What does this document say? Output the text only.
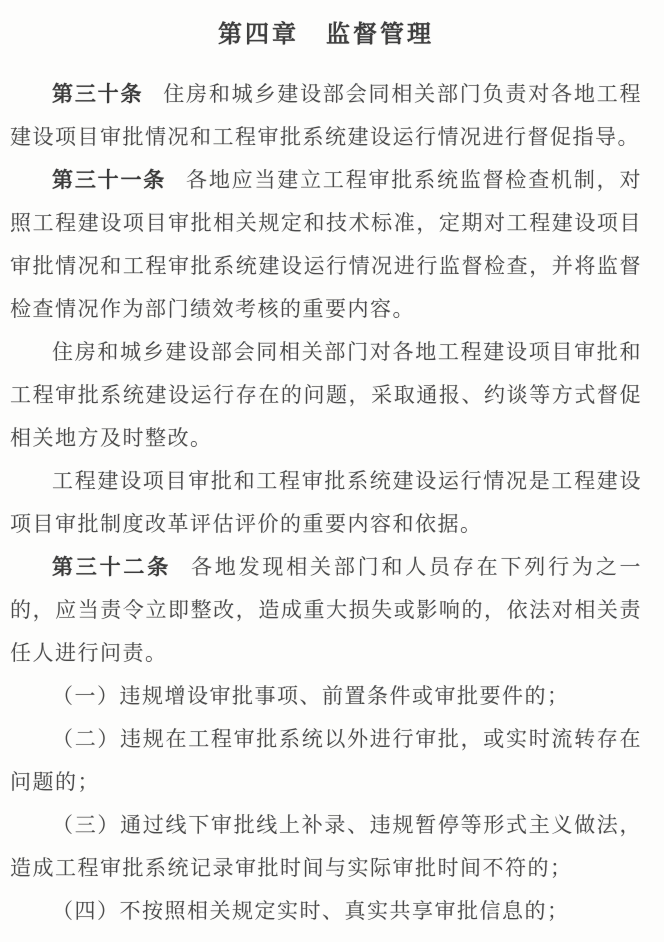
第四章　监督管理

第三十条 住房和城乡建设部会同相关部门负责对各地工程建设项目审批情况和工程审批系统建设运行情况进行督促指导。

第三十一条 各地应当建立工程审批系统监督检查机制，对照工程建设项目审批相关规定和技术标准，定期对工程建设项目审批情况和工程审批系统建设运行情况进行监督检查，并将监督检查情况作为部门绩效考核的重要内容。

住房和城乡建设部会同相关部门对各地工程建设项目审批和工程审批系统建设运行存在的问题，采取通报、约谈等方式督促相关地方及时整改。

工程建设项目审批和工程审批系统建设运行情况是工程建设项目审批制度改革评估评价的重要内容和依据。

第三十二条 各地发现相关部门和人员存在下列行为之一的，应当责令立即整改，造成重大损失或影响的，依法对相关责任人进行问责。

（一）违规增设审批事项、前置条件或审批要件的；

（二）违规在工程审批系统以外进行审批，或实时流转存在问题的；

（三）通过线下审批线上补录、违规暂停等形式主义做法，造成工程审批系统记录审批时间与实际审批时间不符的；

（四）不按照相关规定实时、真实共享审批信息的；
